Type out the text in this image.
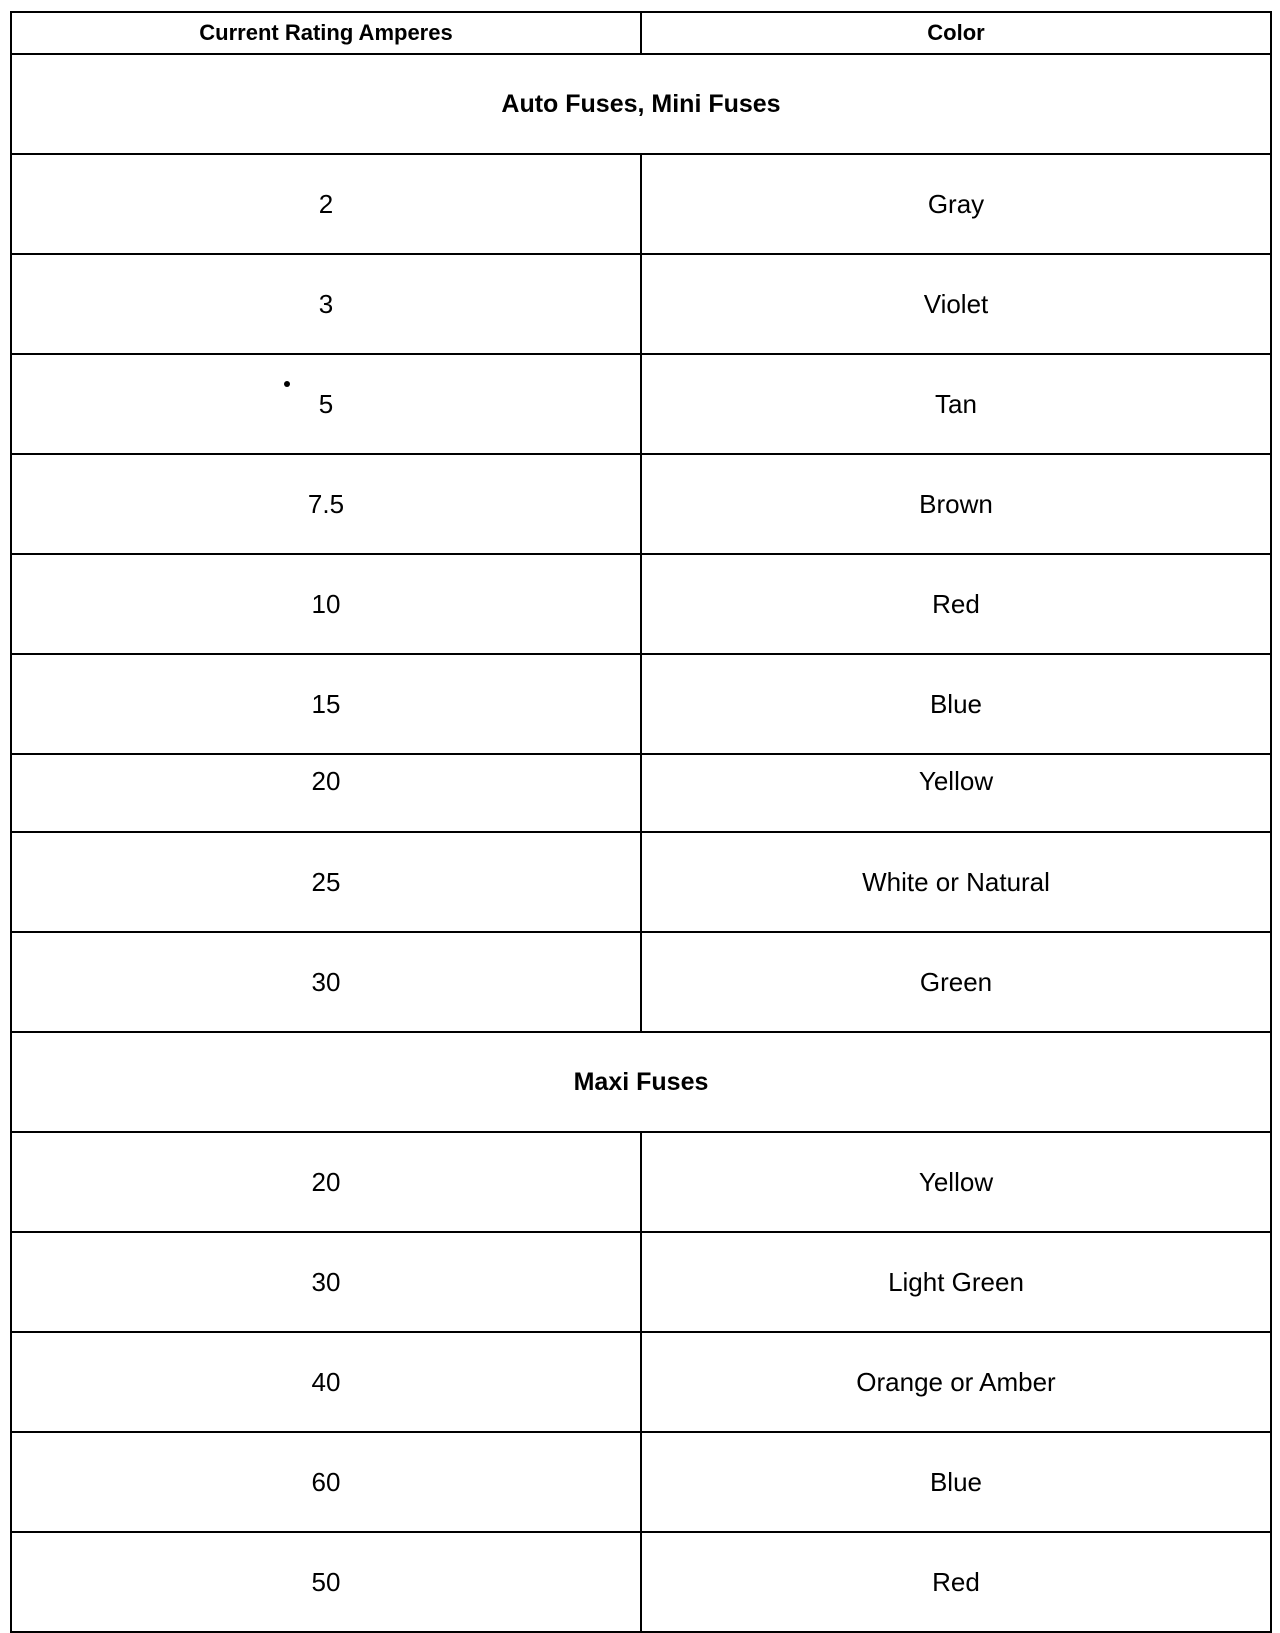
Current Rating Amperes	Color
Auto Fuses, Mini Fuses	
2	Gray
3	Violet
5	Tan
7.5	Brown
10	Red
15	Blue
20	Yellow
25	White or Natural
30	Green
Maxi Fuses	
20	Yellow
30	Light Green
40	Orange or Amber
60	Blue
50	Red
